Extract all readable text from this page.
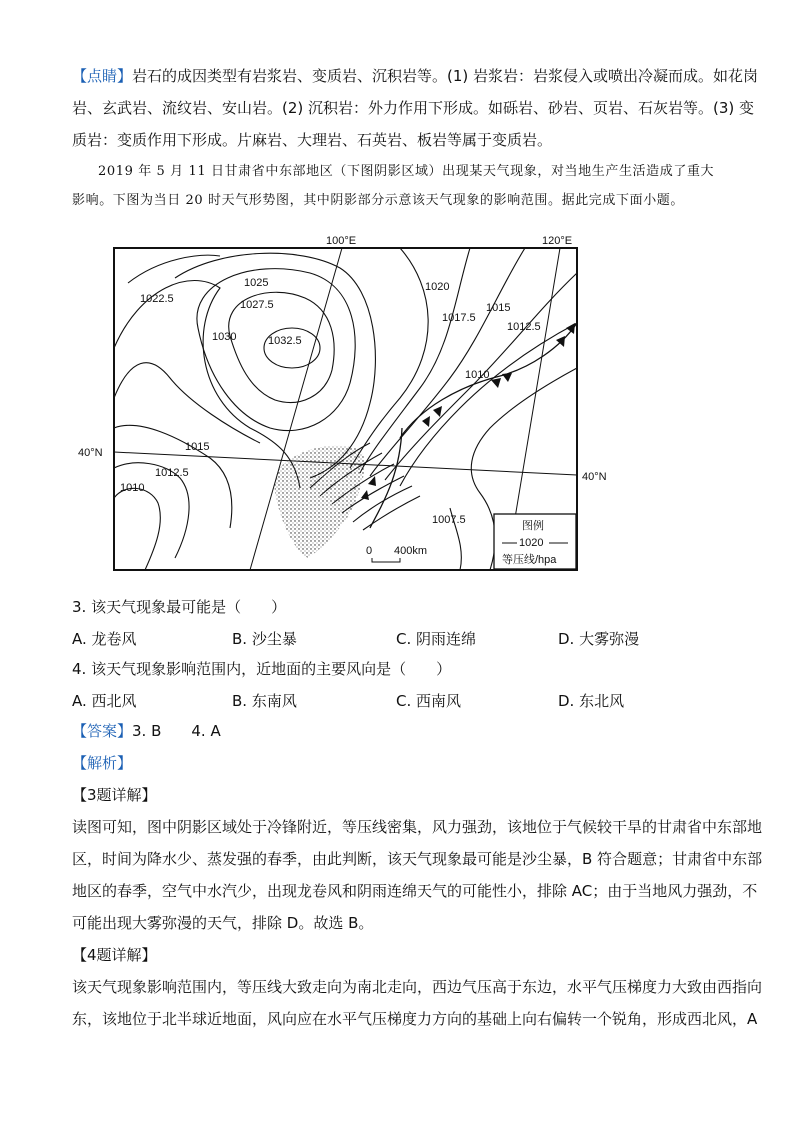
【点睛】岩石的成因类型有岩浆岩、变质岩、沉积岩等。(1) 岩浆岩：岩浆侵入或喷出冷凝而成。如花岗
岩、玄武岩、流纹岩、安山岩。(2) 沉积岩：外力作用下形成。如砾岩、砂岩、页岩、石灰岩等。(3) 变
质岩：变质作用下形成。片麻岩、大理岩、石英岩、板岩等属于变质岩。
2019 年 5 月 11 日甘肃省中东部地区（下图阴影区域）出现某天气现象，对当地生产生活造成了重大
影响。下图为当日 20 时天气形势图，其中阴影部分示意该天气现象的影响范围。据此完成下面小题。
100°E	120°E
40°N
40°N
1025
1022.5	1027.5
1030	1032.5
1020
1017.5
1015
1012.5
1010
1015
1012.5
1010
1007.5
0 400km
图例
1020
等压线/hpa
3. 该天气现象最可能是（　　）
A. 龙卷风	B. 沙尘暴	C. 阴雨连绵	D. 大雾弥漫
4. 该天气现象影响范围内，近地面的主要风向是（　　）
A. 西北风	B. 东南风	C. 西南风	D. 东北风
【答案】3. B　　4. A
【解析】
【3题详解】
读图可知，图中阴影区域处于冷锋附近，等压线密集，风力强劲，该地位于气候较干旱的甘肃省中东部地
区，时间为降水少、蒸发强的春季，由此判断，该天气现象最可能是沙尘暴，B 符合题意；甘肃省中东部
地区的春季，空气中水汽少，出现龙卷风和阴雨连绵天气的可能性小，排除 AC；由于当地风力强劲，不
可能出现大雾弥漫的天气，排除 D。故选 B。
【4题详解】
该天气现象影响范围内，等压线大致走向为南北走向，西边气压高于东边，水平气压梯度力大致由西指向
东，该地位于北半球近地面，风向应在水平气压梯度力方向的基础上向右偏转一个锐角，形成西北风，A
